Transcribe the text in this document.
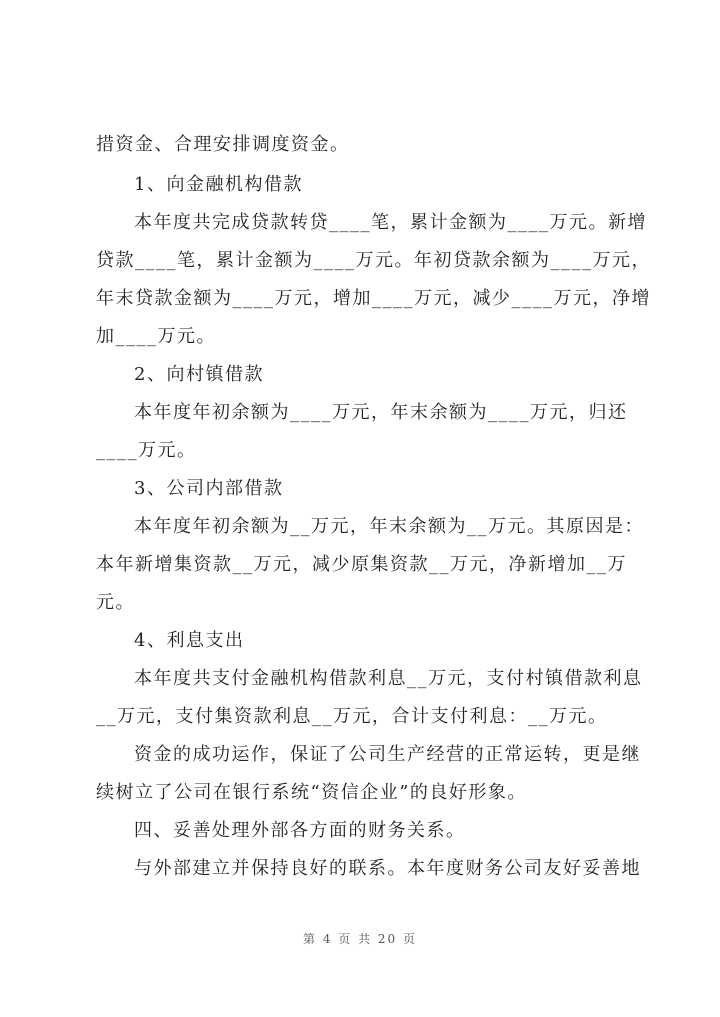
措资金、合理安排调度资金。
1、向金融机构借款
本年度共完成贷款转贷____笔，累计金额为____万元。新增
贷款____笔，累计金额为____万元。年初贷款余额为____万元，
年末贷款金额为____万元，增加____万元，减少____万元，净增
加____万元。
2、向村镇借款
本年度年初余额为____万元，年末余额为____万元，归还
____万元。
3、公司内部借款
本年度年初余额为__万元，年末余额为__万元。其原因是：
本年新增集资款__万元，减少原集资款__万元，净新增加__万
元。
4、利息支出
本年度共支付金融机构借款利息__万元，支付村镇借款利息
__万元，支付集资款利息__万元，合计支付利息：__万元。
资金的成功运作，保证了公司生产经营的正常运转，更是继
续树立了公司在银行系统“资信企业”的良好形象。
四、妥善处理外部各方面的财务关系。
与外部建立并保持良好的联系。本年度财务公司友好妥善地
第 4 页 共 20 页
